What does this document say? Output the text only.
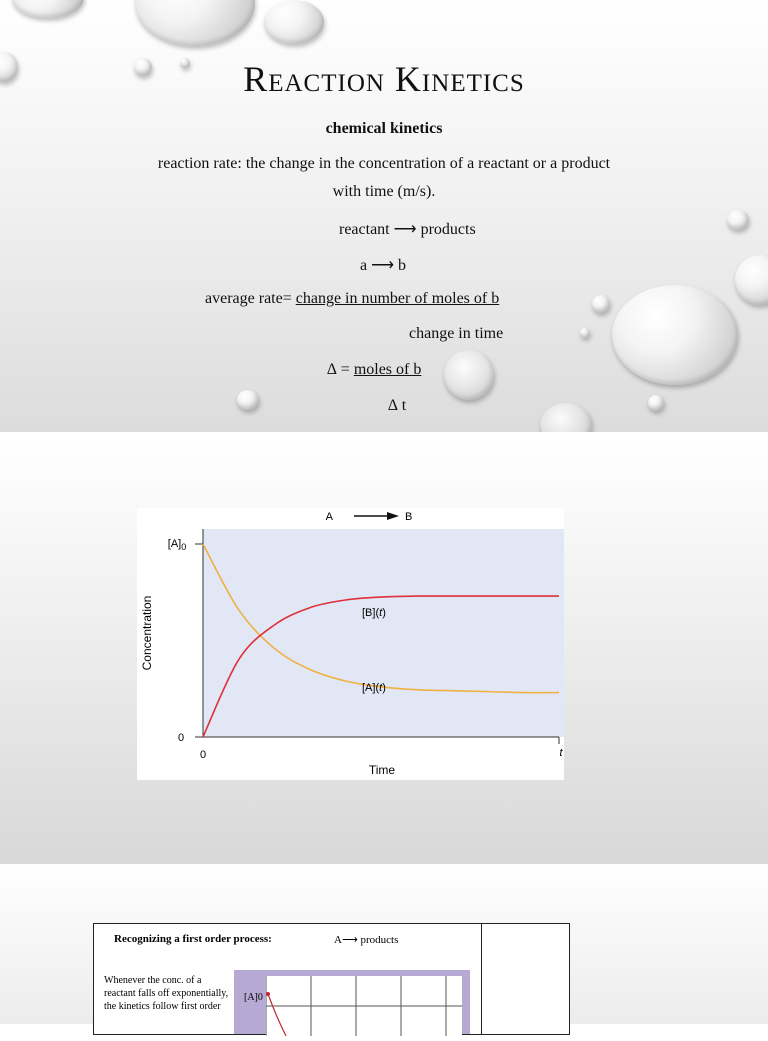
Reaction Kinetics
chemical kinetics
reaction rate: the change in the concentration of a reactant or a product
with time (m/s).
reactant ⟶ products
a ⟶ b
average rate= change in number of moles of b
change in time
∆ = moles of b
∆ t
A	B
$[A]_0$
0
0	t
Time
Concentration	[B](t)
[A](t)
Recognizing a first order process:	A⟶ products
Whenever the conc. of a reactant falls off exponentially, the kinetics follow first order
[A]0
